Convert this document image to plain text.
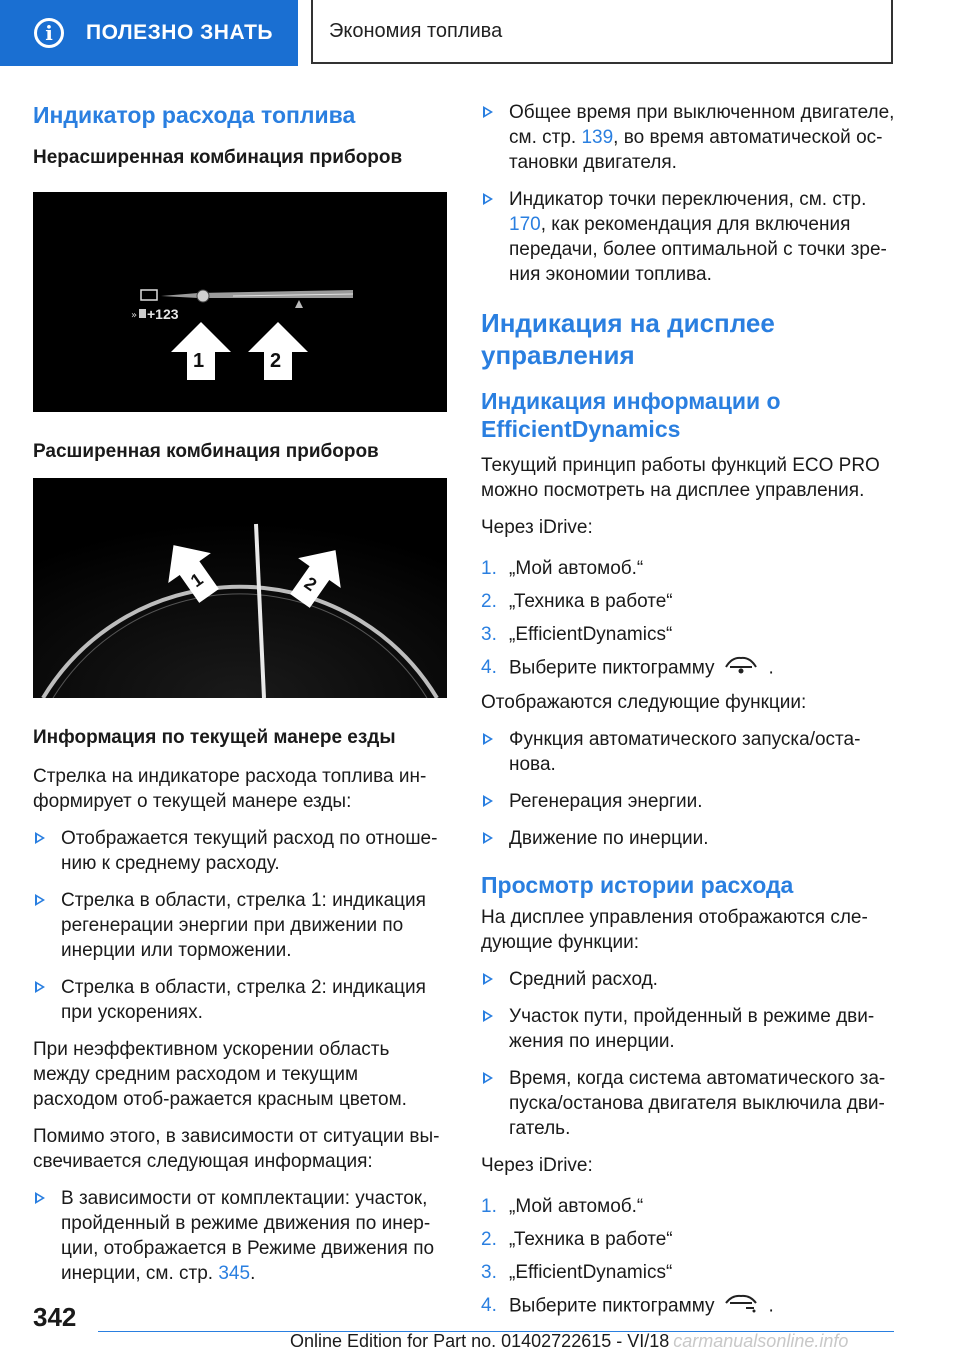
i	ПОЛЕЗНО ЗНАТЬ	Экономия топлива
Индикатор расхода топлива
Нерасширенная комбинация приборов
» +123
1	2
Расширенная комбинация приборов
1	2
Информация по текущей манере езды

Стрелка на индикаторе расхода топлива ин-формирует о текущей манере езды:

Отображается текущий расход по отноше-нию к среднему расходу.
Стрелка в области, стрелка 1: индикация регенерации энергии при движении по инерции или торможении.
Стрелка в области, стрелка 2: индикация при ускорениях.

При неэффективном ускорении область между средним расходом и текущим расходом отоб-ражается красным цветом.

Помимо этого, в зависимости от ситуации вы-свечивается следующая информация:

В зависимости от комплектации: участок, пройденный в режиме движения по инер-ции, отображается в Режиме движения по инерции, см. стр. 345.
Общее время при выключенном двигателе, см. стр. 139, во время автоматической ос-тановки двигателя.
Индикатор точки переключения, см. стр. 170, как рекомендация для включения передачи, более оптимальной с точки зре-ния экономии топлива.
Индикация на дисплее управления
Индикация информации о EfficientDynamics

Текущий принцип работы функций ECO PRO можно посмотреть на дисплее управления.

Через iDrive:

1. „Мой автомоб.“
2. „Техника в работе“
3. „EfficientDynamics“
4. Выберите пиктограмму	.

Отображаются следующие функции:

Функция автоматического запуска/оста-нова.
Регенерация энергии.
Движение по инерции.
Просмотр истории расхода

На дисплее управления отображаются сле-дующие функции:

Средний расход.
Участок пути, пройденный в режиме дви-жения по инерции.
Время, когда система автоматического за-пуска/останова двигателя выключила дви-гатель.

Через iDrive:

1. „Мой автомоб.“
2. „Техника в работе“
3. „EfficientDynamics“
4. Выберите пиктограмму	.
342
Online Edition for Part no. 01402722615 - VI/18 carmanualsonline.info
